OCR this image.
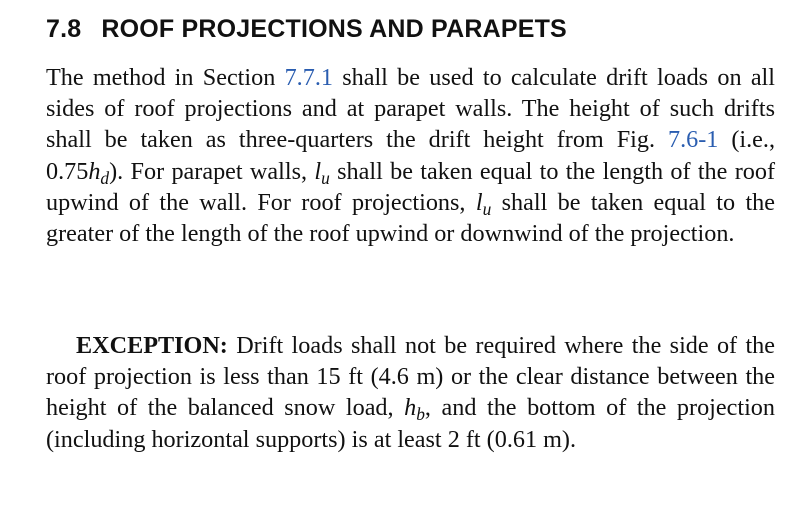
7.8 ROOF PROJECTIONS AND PARAPETS

The method in Section 7.7.1 shall be used to calculate drift loads on all sides of roof projections and at parapet walls. The height of such drifts shall be taken as three-quarters the drift height from Fig. 7.6-1 (i.e., $0.75h_d$). For parapet walls, $l_u$ shall be taken equal to the length of the roof upwind of the wall. For roof projections, $l_u$ shall be taken equal to the greater of the length of the roof upwind or downwind of the projection.

EXCEPTION: Drift loads shall not be required where the side of the roof projection is less than 15 ft (4.6 m) or the clear distance between the height of the balanced snow load, $h_b$, and the bottom of the projection (including horizontal supports) is at least 2 ft (0.61 m).
